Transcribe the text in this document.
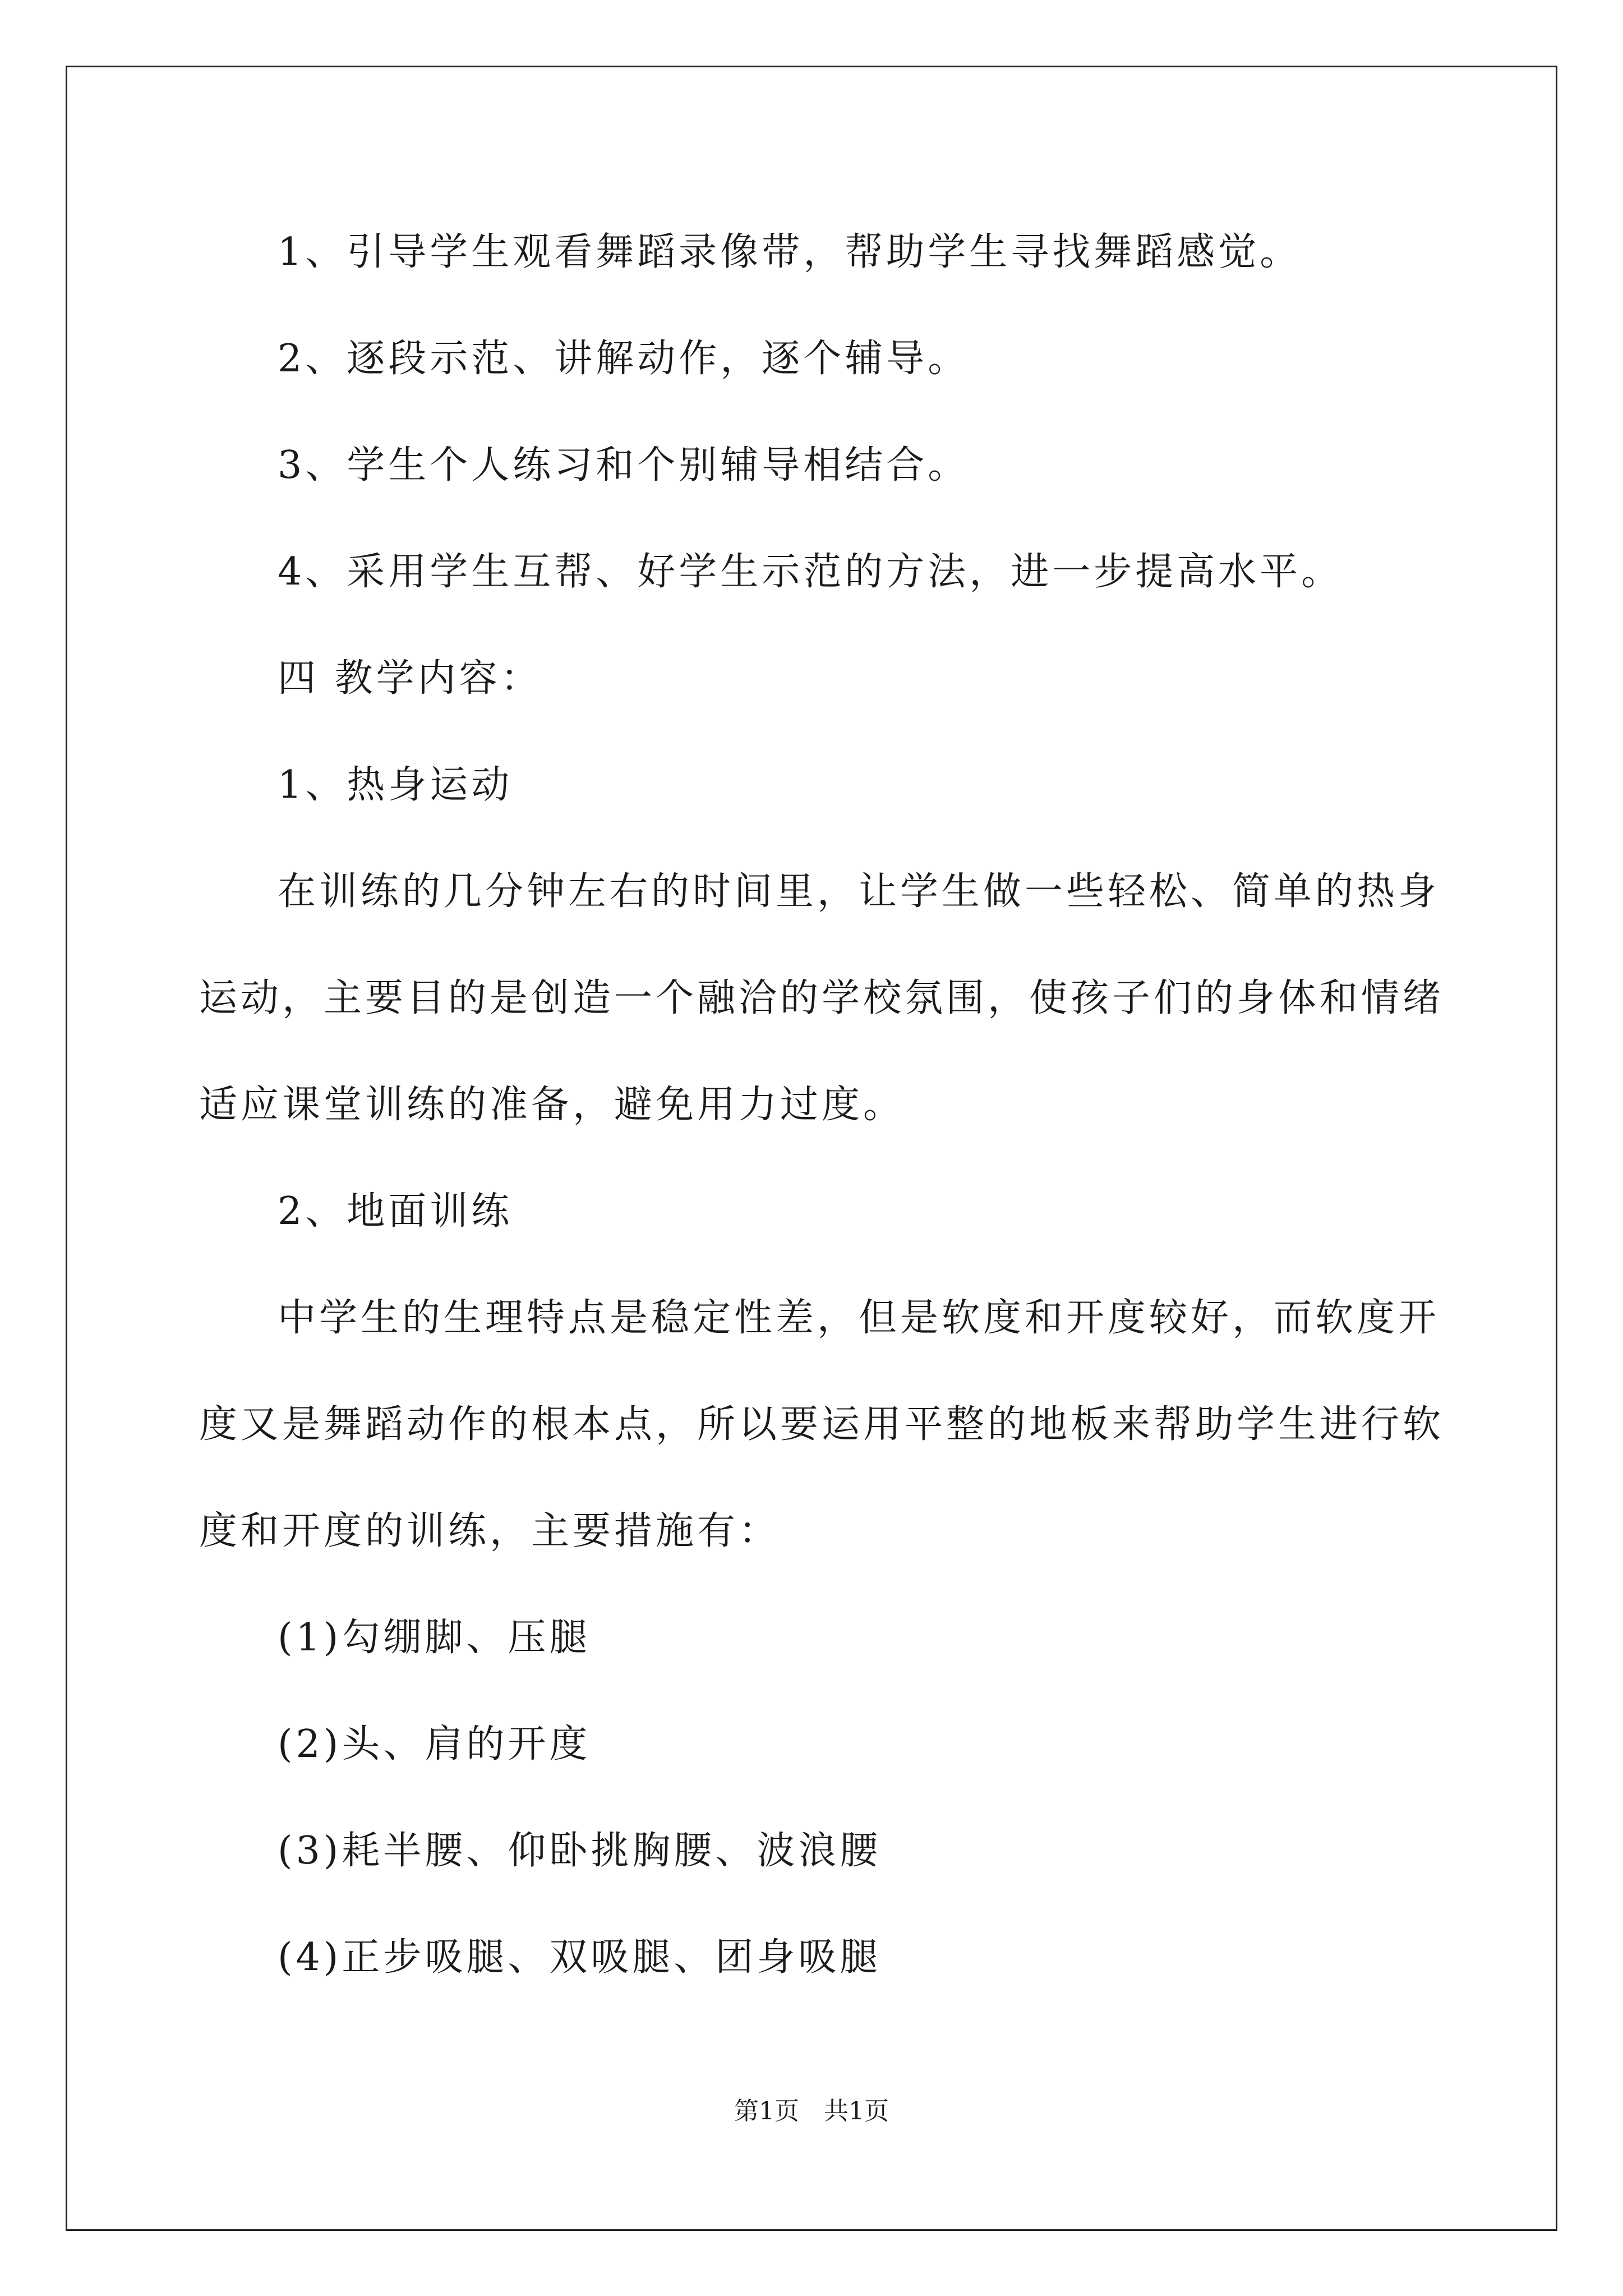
1、引导学生观看舞蹈录像带，帮助学生寻找舞蹈感觉。
2、逐段示范、讲解动作，逐个辅导。
3、学生个人练习和个别辅导相结合。
4、采用学生互帮、好学生示范的方法，进一步提高水平。
四 教学内容：
1、热身运动
在训练的几分钟左右的时间里，让学生做一些轻松、简单的热身
运动，主要目的是创造一个融洽的学校氛围，使孩子们的身体和情绪
适应课堂训练的准备，避免用力过度。
2、地面训练
中学生的生理特点是稳定性差，但是软度和开度较好，而软度开
度又是舞蹈动作的根本点，所以要运用平整的地板来帮助学生进行软
度和开度的训练，主要措施有：
(1)勾绷脚、压腿
(2)头、肩的开度
(3)耗半腰、仰卧挑胸腰、波浪腰
(4)正步吸腿、双吸腿、团身吸腿
第1页　共1页
